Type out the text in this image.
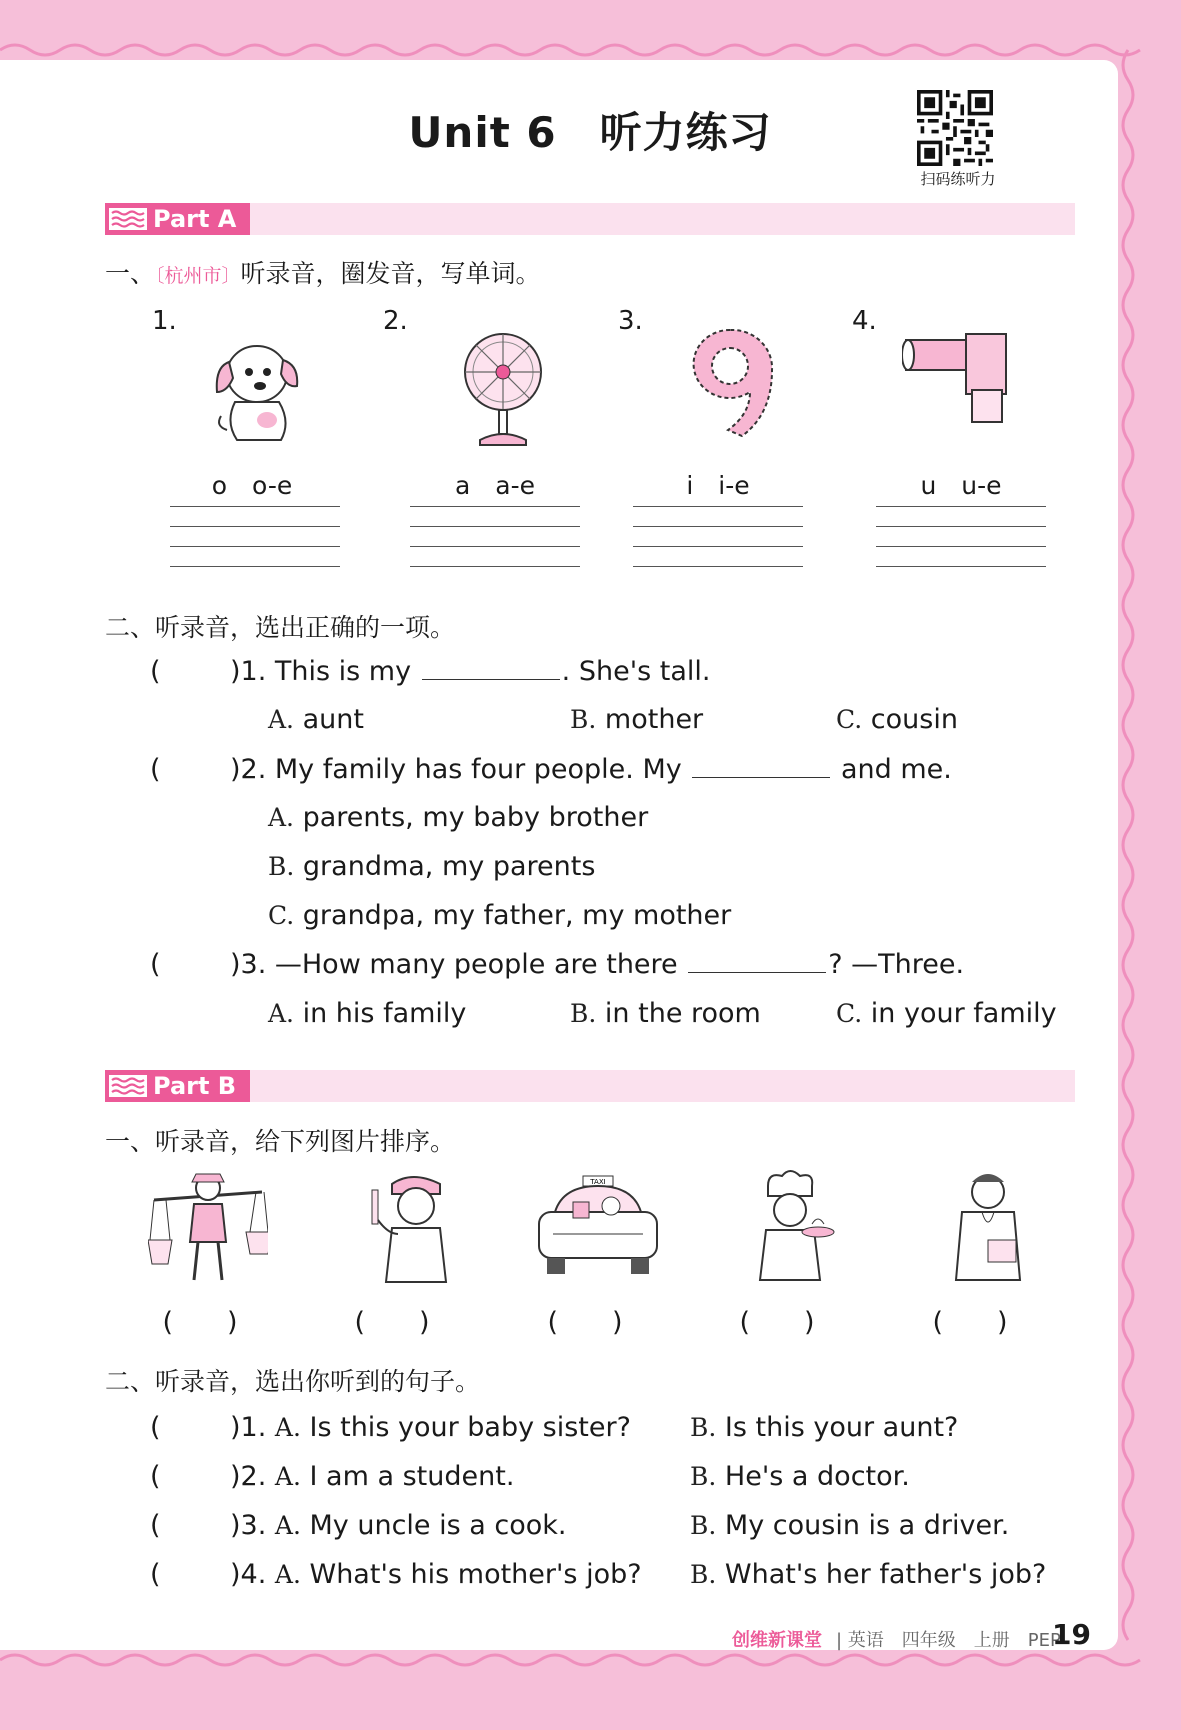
Unit 6　听力练习
扫码练听力
Part A
一、〔杭州市〕听录音，圈发音，写单词。
1.	2.	3.	4.
o　o-e	a　a-e	i　i-e	u　u-e
二、听录音，选出正确的一项。
(	)1. This is my	. She's tall.
A. aunt	B. mother	C. cousin
(	)2. My family has four people. My	and me.
A. parents, my baby brother
B. grandma, my parents
C. grandpa, my father, my mother
(	)3. —How many people are there	? —Three.
A. in his family	B. in the room	C. in your family
Part B
一、听录音，给下列图片排序。
TAXI
(　　)	(　　)	(　　)	(　　)	(　　)
二、听录音，选出你听到的句子。
(	)1. A. Is this your baby sister? B. Is this your aunt?
(	)2. A. I am a student.	B. He's a doctor.
(	)3. A. My uncle is a cook.	B. My cousin is a driver.
(	)4. A. What's his mother's job? B. What's her father's job?
创维新课堂 | 英语　四年级　上册　PEP
19
